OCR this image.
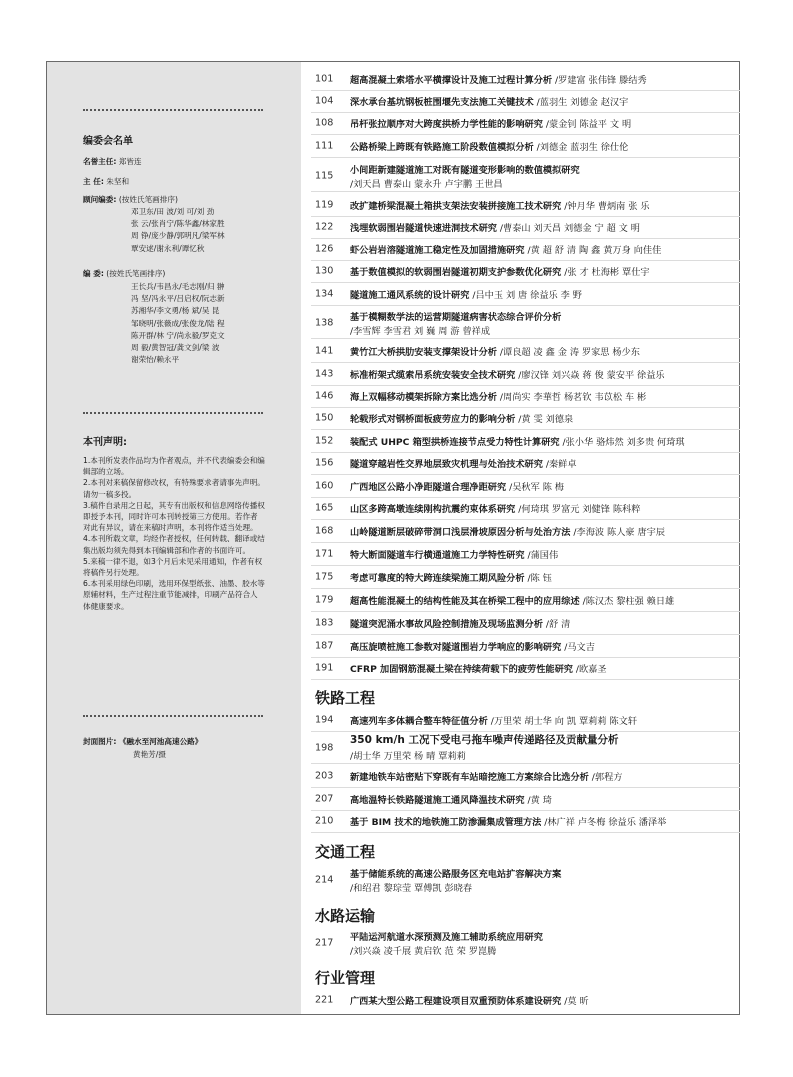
编委会名单
名誉主任: 郑皆连
主 任: 朱坚和
顾问编委: (按姓氏笔画排序)
邓卫东/田 波/刘 可/刘 劲
张 云/张肖宁/陈华鑫/林家胜
周 铮/庞少静/郭明凡/梁军林
覃安逑/谢永利/谭忆秋
编 委: (按姓氏笔画排序)
王长兵/韦昌永/毛志刚/归 翀
冯 坚/冯永平/吕启权/阮志新
苏湘华/李文勇/杨 斌/吴 昆
邹晓明/张薇成/张俊龙/陆 程
陈开群/林 宁/尚永毅/罗克文
周 毅/黄智冠/龚文剑/梁 波
谢荣怡/赖永平
本刊声明:
1.本刊所发表作品均为作者观点，并不代表编委会和编辑部的立场。
2.本刊对来稿保留修改权，有特殊要求者请事先声明。请勿一稿多投。
3.稿件自录用之日起，其专有出版权和信息网络传播权即授予本刊，同时许可本刊转授第三方使用。若作者对此有异议，请在来稿时声明，本刊将作适当处理。
4.本刊所载文章，均经作者授权，任何转载、翻译或结集出版均须先得到本刊编辑部和作者的书面许可。
5.来稿一律不退，如3个月后未见采用通知，作者有权将稿件另行处理。
6.本刊采用绿色印刷，选用环保型纸张、油墨、胶水等原辅材料，生产过程注重节能减排，印刷产品符合人体健康要求。
封面图片: 《融水至河池高速公路》
黄艳芳/摄
101 超高混凝土索塔水平横撑设计及施工过程计算分析 /罗建富 张伟锋 滕结秀
104 深水承台基坑钢板桩围堰先支法施工关键技术 /蓝羽生 刘德金 赵汉宇
108 吊杆张拉顺序对大跨度拱桥力学性能的影响研究 /蒙金钊 陈益平 文 明
111 公路桥梁上跨既有铁路施工阶段数值模拟分析 /刘德金 蓝羽生 徐仕伦
115 小间距新建隧道施工对既有隧道变形影响的数值模拟研究
/刘天昌 曹泰山 蒙永升 卢宇鹏 王世昌
119 改扩建桥梁混凝土箱拱支架法安装拼接施工技术研究 /钟月华 曹炳南 张 乐
122 浅埋软弱围岩隧道快速进洞技术研究 /曹泰山 刘天昌 刘德金 宁 超 文 明
126 虾公岩岩溶隧道施工稳定性及加固措施研究 /黄 超 舒 清 陶 鑫 黄万身 向佳佳
130 基于数值模拟的软弱围岩隧道初期支护参数优化研究 /张 才 杜海彬 覃仕宇
134 隧道施工通风系统的设计研究 /吕中玉 刘 唐 徐益乐 李 野
138 基于模糊数学法的运营期隧道病害状态综合评价分析
/李雪辉 李雪君 刘 巍 周 游 曾祥成
141 黄竹江大桥拱肋安装支撑架设计分析 /谭良超 凌 鑫 金 涛 罗家思 杨少东
143 标准桁架式缆索吊系统安装安全技术研究 /廖汉锋 刘兴焱 蒋 俊 蒙安平 徐益乐
146 海上双幅移动模架拆除方案比选分析 /周尚实 李華哲 杨茗钦 韦苡松 车 彬
150 轮载形式对钢桥面板疲劳应力的影响分析 /黄 雯 刘德泉
152 装配式 UHPC 箱型拱桥连接节点受力特性计算研究 /张小华 骆炜然 刘多贵 何琦琪
156 隧道穿越岩性交界地层致灾机理与处治技术研究 /秦鲜卓
160 广西地区公路小净距隧道合理净距研究 /吴秋军 陈 梅
165 山区多跨高墩连续刚构抗震约束体系研究 /何琦琪 罗富元 刘健锋 陈科粹
168 山岭隧道断层破碎带洞口浅层滑坡原因分析与处治方法 /李海波 陈人豪 唐宇辰
171 特大断面隧道车行横通道施工力学特性研究 /蒲国伟
175 考虑可靠度的特大跨连续梁施工期风险分析 /陈 钰
179 超高性能混凝土的结构性能及其在桥梁工程中的应用综述 /陈汉杰 黎柱强 赖日雄
183 隧道突泥涌水事故风险控制措施及现场监测分析 /舒 清
187 高压旋喷桩施工参数对隧道围岩力学响应的影响研究 /马文吉
191 CFRP 加固钢筋混凝土梁在持续荷载下的疲劳性能研究 /欧嘉圣
铁路工程
194 高速列车多体耦合整车特征值分析 /万里荣 胡士华 向 凯 覃莉莉 陈文轩
198
350 km/h 工况下受电弓拖车噪声传递路径及贡献量分析
/胡士华 万里荣 杨 晴 覃莉莉
203 新建地铁车站密贴下穿既有车站暗挖施工方案综合比选分析 /郭程方
207 高地温特长铁路隧道施工通风降温技术研究 /黄 琦
210 基于 BIM 技术的地铁施工防渗漏集成管理方法 /林广祥 卢冬梅 徐益乐 潘泽举
交通工程
214 基于储能系统的高速公路服务区充电站扩容解决方案
/和绍君 黎琮莹 覃傅凯 彭晓春
水路运输
217 平陆运河航道水深预测及施工辅助系统应用研究
/刘兴焱 凌千展 黄启钦 范 荣 罗崑腾
行业管理
221 广西某大型公路工程建设项目双重预防体系建设研究 /莫 昕
